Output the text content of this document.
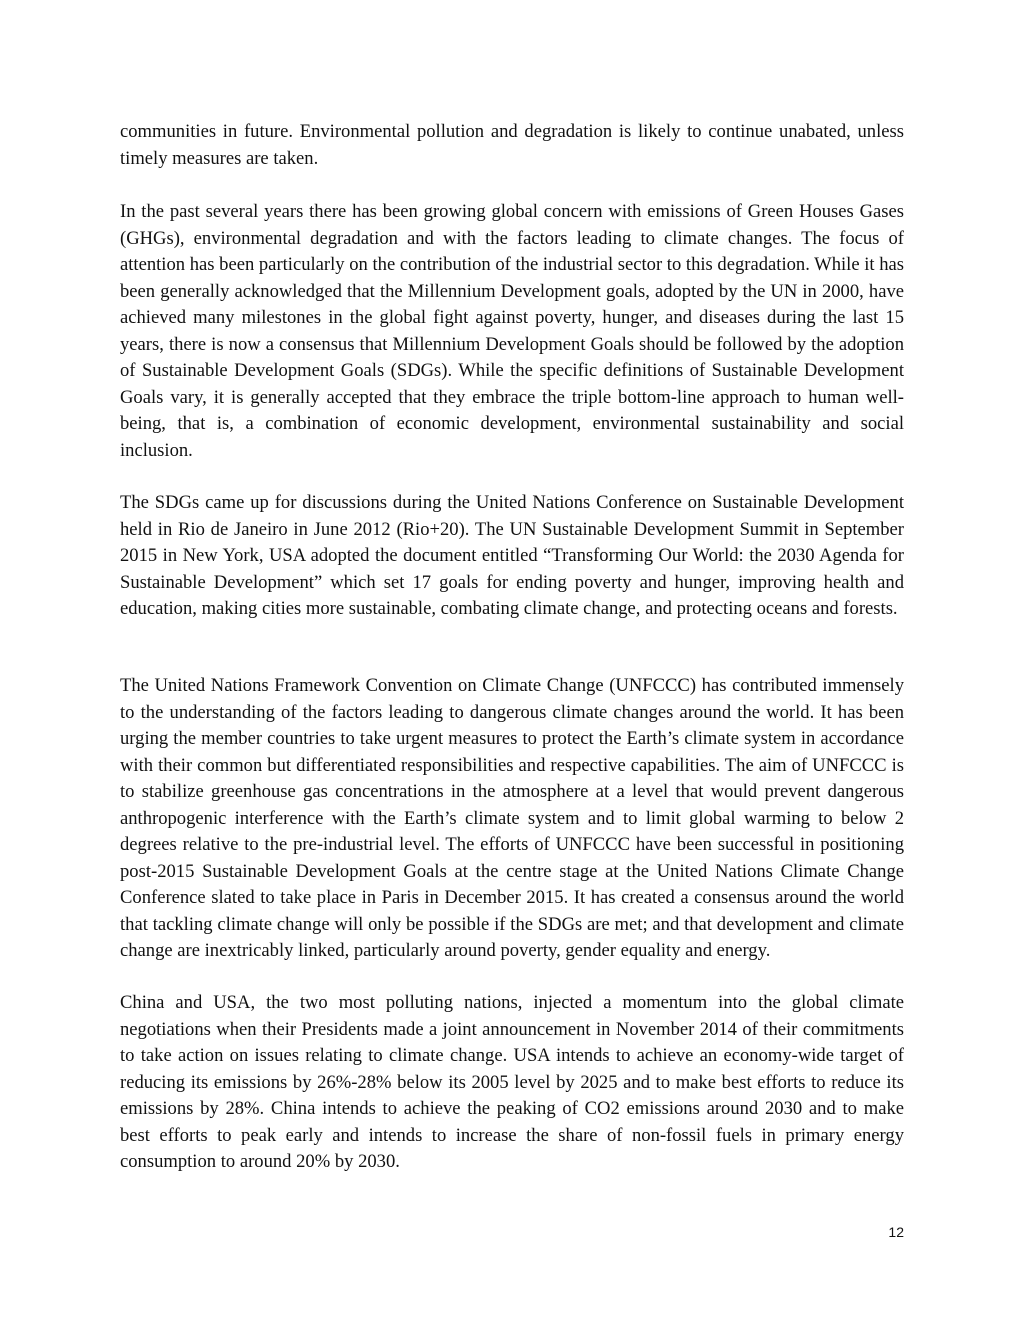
communities in future. Environmental pollution and degradation is likely to continue unabated, unless timely measures are taken.

In the past several years there has been growing global concern with emissions of Green Houses Gases (GHGs), environmental degradation and with the factors leading to climate changes. The focus of attention has been particularly on the contribution of the industrial sector to this degradation. While it has been generally acknowledged that the Millennium Development goals, adopted by the UN in 2000, have achieved many milestones in the global fight against poverty, hunger, and diseases during the last 15 years, there is now a consensus that Millennium Development Goals should be followed by the adoption of Sustainable Development Goals (SDGs). While the specific definitions of Sustainable Development Goals vary, it is generally accepted that they embrace the triple bottom-line approach to human well-being, that is, a combination of economic development, environmental sustainability and social inclusion.

The SDGs came up for discussions during the United Nations Conference on Sustainable Development held in Rio de Janeiro in June 2012 (Rio+20). The UN Sustainable Development Summit in September 2015 in New York, USA adopted the document entitled “Transforming Our World: the 2030 Agenda for Sustainable Development” which set 17 goals for ending poverty and hunger, improving health and education, making cities more sustainable, combating climate change, and protecting oceans and forests.

The United Nations Framework Convention on Climate Change (UNFCCC) has contributed immensely to the understanding of the factors leading to dangerous climate changes around the world. It has been urging the member countries to take urgent measures to protect the Earth’s climate system in accordance with their common but differentiated responsibilities and respective capabilities. The aim of UNFCCC is to stabilize greenhouse gas concentrations in the atmosphere at a level that would prevent dangerous anthropogenic interference with the Earth’s climate system and to limit global warming to below 2 degrees relative to the pre-industrial level. The efforts of UNFCCC have been successful in positioning post-2015 Sustainable Development Goals at the centre stage at the United Nations Climate Change Conference slated to take place in Paris in December 2015. It has created a consensus around the world that tackling climate change will only be possible if the SDGs are met; and that development and climate change are inextricably linked, particularly around poverty, gender equality and energy.

China and USA, the two most polluting nations, injected a momentum into the global climate negotiations when their Presidents made a joint announcement in November 2014 of their commitments to take action on issues relating to climate change. USA intends to achieve an economy-wide target of reducing its emissions by 26%-28% below its 2005 level by 2025 and to make best efforts to reduce its emissions by 28%. China intends to achieve the peaking of CO2 emissions around 2030 and to make best efforts to peak early and intends to increase the share of non-fossil fuels in primary energy consumption to around 20% by 2030.

12
